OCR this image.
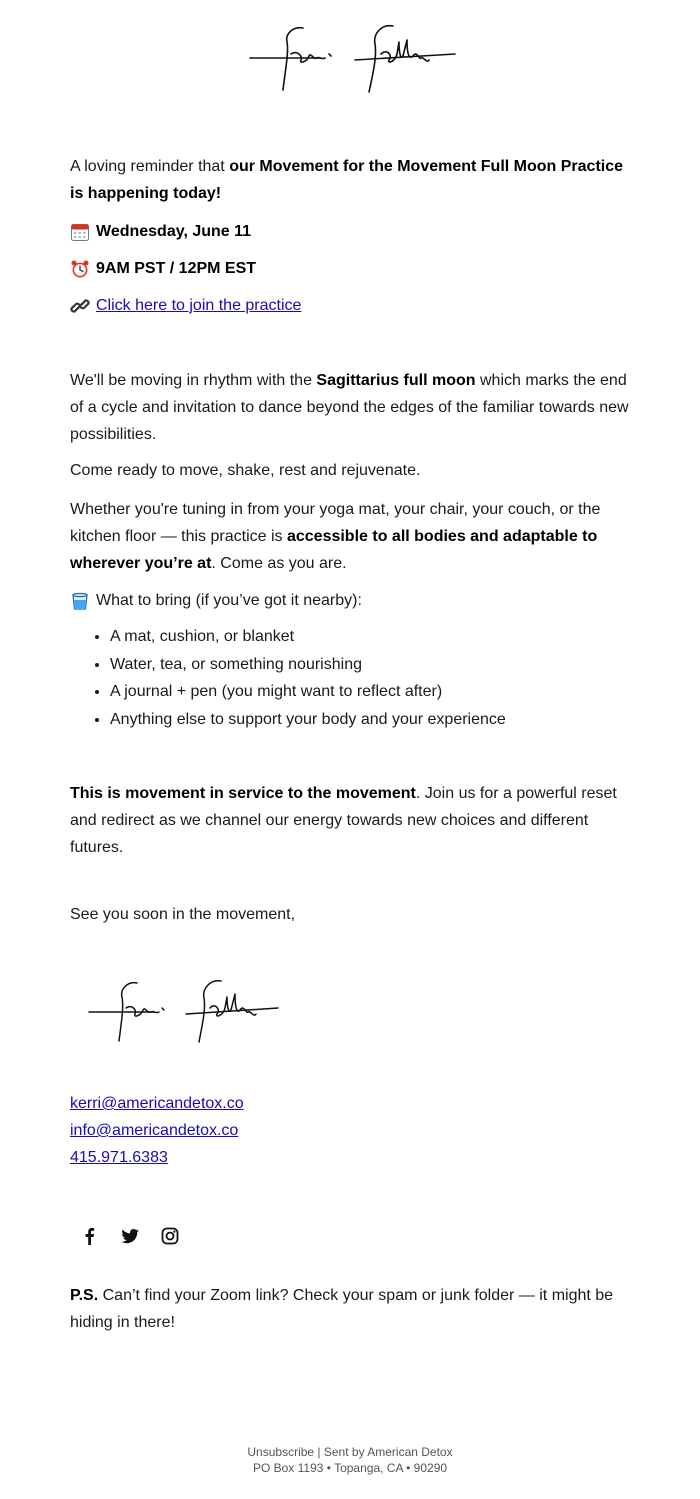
A loving reminder that our Movement for the Movement Full Moon Practice is happening today!

Wednesday, June 11
9AM PST / 12PM EST
Click here to join the practice

We'll be moving in rhythm with the Sagittarius full moon which marks the end of a cycle and invitation to dance beyond the edges of the familiar towards new possibilities.

Come ready to move, shake, rest and rejuvenate.

Whether you're tuning in from your yoga mat, your chair, your couch, or the kitchen floor — this practice is accessible to all bodies and adaptable to wherever you’re at. Come as you are.

What to bring (if you’ve got it nearby):
• A mat, cushion, or blanket
• Water, tea, or something nourishing
• A journal + pen (you might want to reflect after)
• Anything else to support your body and your experience

This is movement in service to the movement. Join us for a powerful reset and redirect as we channel our energy towards new choices and different futures.

See you soon in the movement,

kerri@americandetox.co
info@americandetox.co
415.971.6383

P.S. Can’t find your Zoom link? Check your spam or junk folder — it might be hiding in there!

Unsubscribe | Sent by American Detox
PO Box 1193 • Topanga, CA • 90290
